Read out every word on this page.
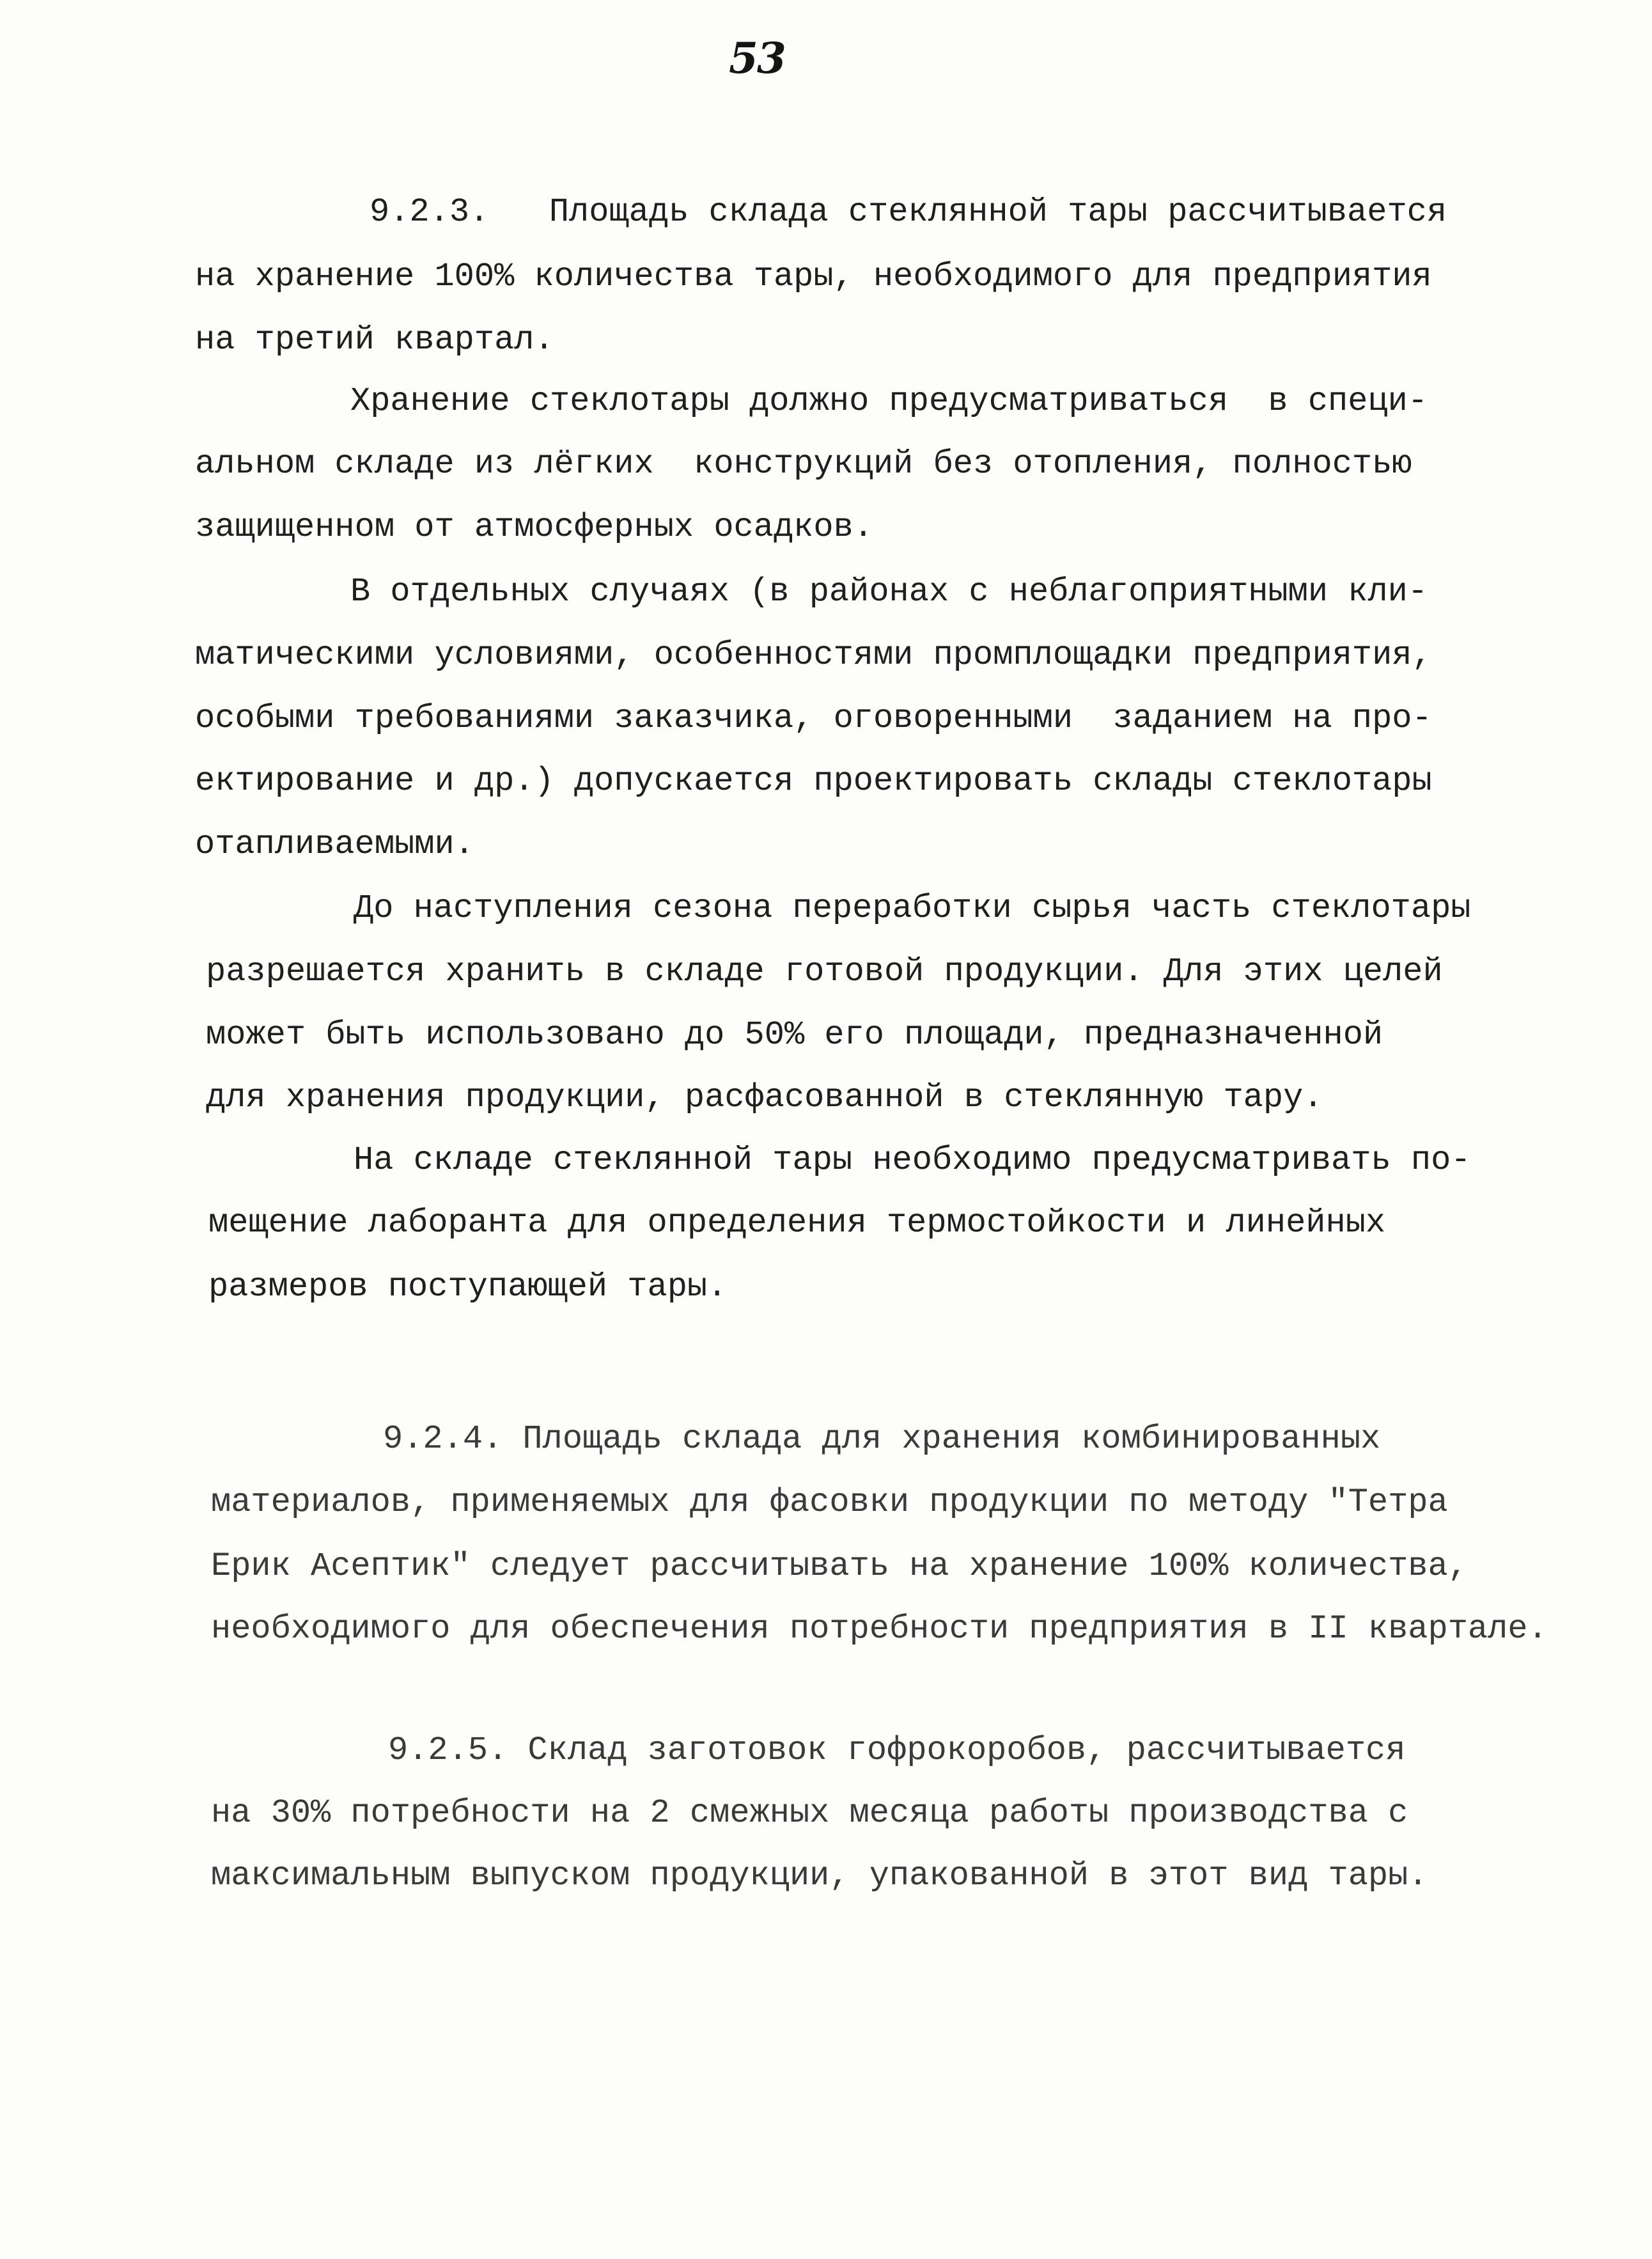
53
9.2.3.   Площадь склада стеклянной тары рассчитывается
на хранение 100% количества тары, необходимого для предприятия
на третий квартал.
Хранение стеклотары должно предусматриваться  в специ-
альном складе из лёгких  конструкций без отопления, полностью
защищенном от атмосферных осадков.
В отдельных случаях (в районах с неблагоприятными кли-
матическими условиями, особенностями промплощадки предприятия,
особыми требованиями заказчика, оговоренными  заданием на про-
ектирование и др.) допускается проектировать склады стеклотары
отапливаемыми.
До наступления сезона переработки сырья часть стеклотары
разрешается хранить в складе готовой продукции. Для этих целей
может быть использовано до 50% его площади, предназначенной
для хранения продукции, расфасованной в стеклянную тару.
На складе стеклянной тары необходимо предусматривать по-
мещение лаборанта для определения термостойкости и линейных
размеров поступающей тары.
9.2.4. Площадь склада для хранения комбинированных
материалов, применяемых для фасовки продукции по методу "Тетра
Ерик Асептик" следует рассчитывать на хранение 100% количества,
необходимого для обеспечения потребности предприятия в II квартале.
9.2.5. Склад заготовок гофрокоробов, рассчитывается
на 30% потребности на 2 смежных месяца работы производства с
максимальным выпуском продукции, упакованной в этот вид тары.
